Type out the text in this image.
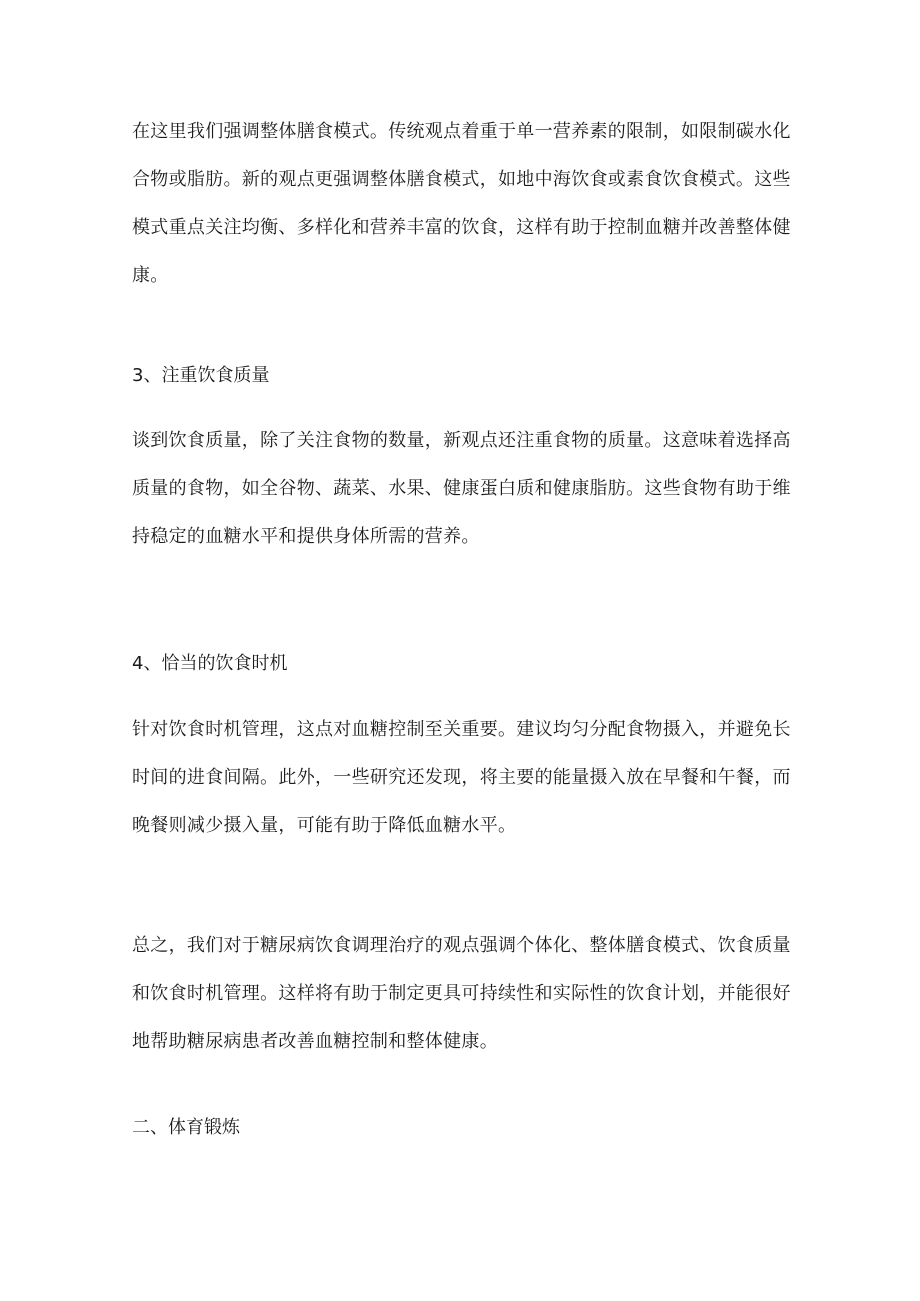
在这里我们强调整体膳食模式。传统观点着重于单一营养素的限制，如限制碳水化
合物或脂肪。新的观点更强调整体膳食模式，如地中海饮食或素食饮食模式。这些
模式重点关注均衡、多样化和营养丰富的饮食，这样有助于控制血糖并改善整体健
康。

3、注重饮食质量

谈到饮食质量，除了关注食物的数量，新观点还注重食物的质量。这意味着选择高
质量的食物，如全谷物、蔬菜、水果、健康蛋白质和健康脂肪。这些食物有助于维
持稳定的血糖水平和提供身体所需的营养。

4、恰当的饮食时机

针对饮食时机管理，这点对血糖控制至关重要。建议均匀分配食物摄入，并避免长
时间的进食间隔。此外，一些研究还发现，将主要的能量摄入放在早餐和午餐，而
晚餐则减少摄入量，可能有助于降低血糖水平。

总之，我们对于糖尿病饮食调理治疗的观点强调个体化、整体膳食模式、饮食质量
和饮食时机管理。这样将有助于制定更具可持续性和实际性的饮食计划，并能很好
地帮助糖尿病患者改善血糖控制和整体健康。

二、体育锻炼
